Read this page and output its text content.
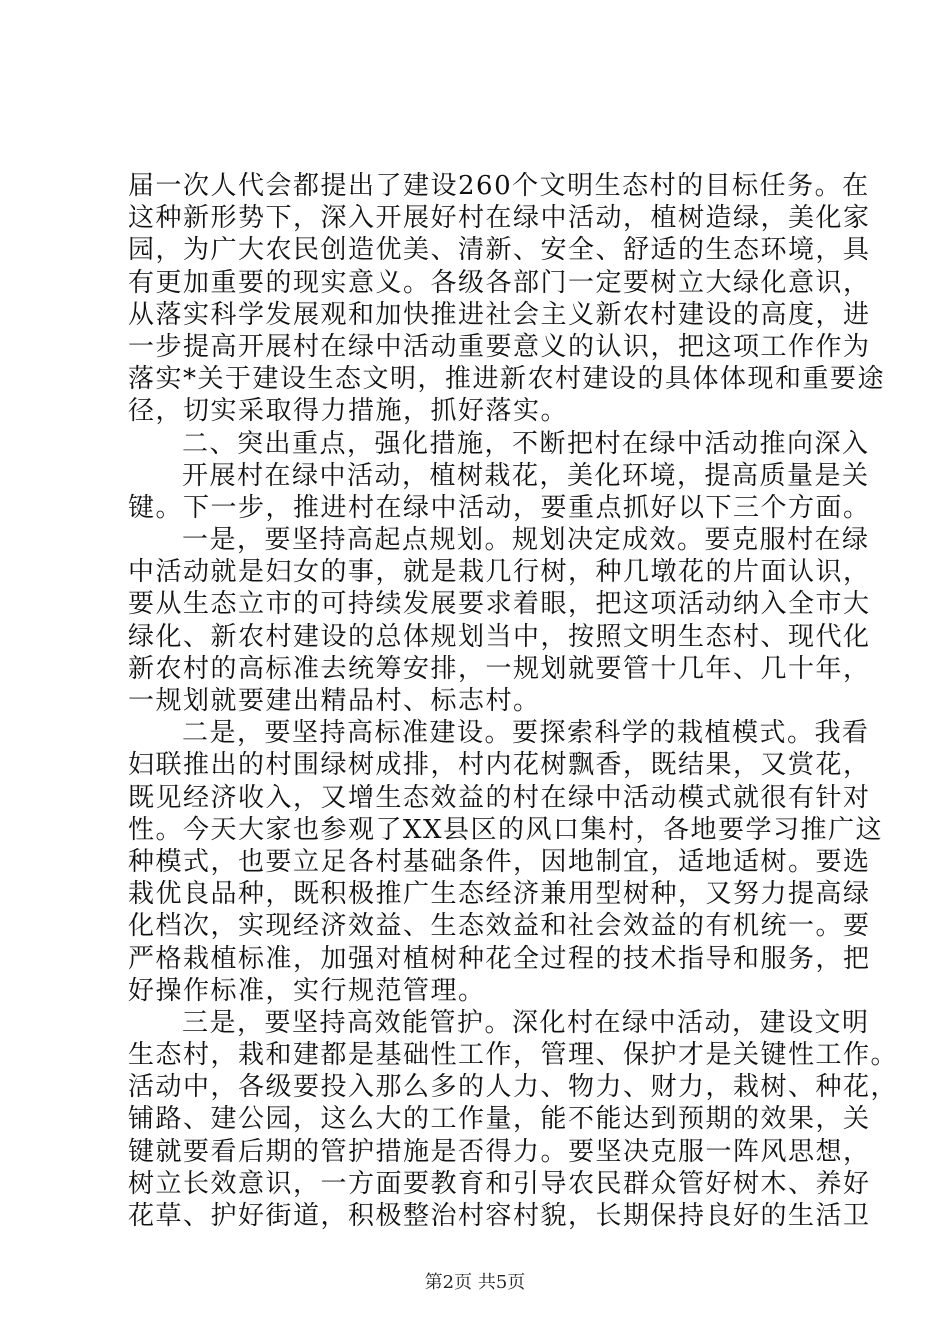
届一次人代会都提出了建设260个文明生态村的目标任务。在
这种新形势下，深入开展好村在绿中活动，植树造绿，美化家
园，为广大农民创造优美、清新、安全、舒适的生态环境，具
有更加重要的现实意义。各级各部门一定要树立大绿化意识，
从落实科学发展观和加快推进社会主义新农村建设的高度，进
一步提高开展村在绿中活动重要意义的认识，把这项工作作为
落实*关于建设生态文明，推进新农村建设的具体体现和重要途
径，切实采取得力措施，抓好落实。
二、突出重点，强化措施，不断把村在绿中活动推向深入
开展村在绿中活动，植树栽花，美化环境，提高质量是关
键。下一步，推进村在绿中活动，要重点抓好以下三个方面。
一是，要坚持高起点规划。规划决定成效。要克服村在绿
中活动就是妇女的事，就是栽几行树，种几墩花的片面认识，
要从生态立市的可持续发展要求着眼，把这项活动纳入全市大
绿化、新农村建设的总体规划当中，按照文明生态村、现代化
新农村的高标准去统筹安排，一规划就要管十几年、几十年，
一规划就要建出精品村、标志村。
二是，要坚持高标准建设。要探索科学的栽植模式。我看
妇联推出的村围绿树成排，村内花树飘香，既结果，又赏花，
既见经济收入，又增生态效益的村在绿中活动模式就很有针对
性。今天大家也参观了XX县区的风口集村，各地要学习推广这
种模式，也要立足各村基础条件，因地制宜，适地适树。要选
栽优良品种，既积极推广生态经济兼用型树种，又努力提高绿
化档次，实现经济效益、生态效益和社会效益的有机统一。要
严格栽植标准，加强对植树种花全过程的技术指导和服务，把
好操作标准，实行规范管理。
三是，要坚持高效能管护。深化村在绿中活动，建设文明
生态村，栽和建都是基础性工作，管理、保护才是关键性工作。
活动中，各级要投入那么多的人力、物力、财力，栽树、种花，
铺路、建公园，这么大的工作量，能不能达到预期的效果，关
键就要看后期的管护措施是否得力。要坚决克服一阵风思想，
树立长效意识，一方面要教育和引导农民群众管好树木、养好
花草、护好街道，积极整治村容村貌，长期保持良好的生活卫
第2页 共5页
